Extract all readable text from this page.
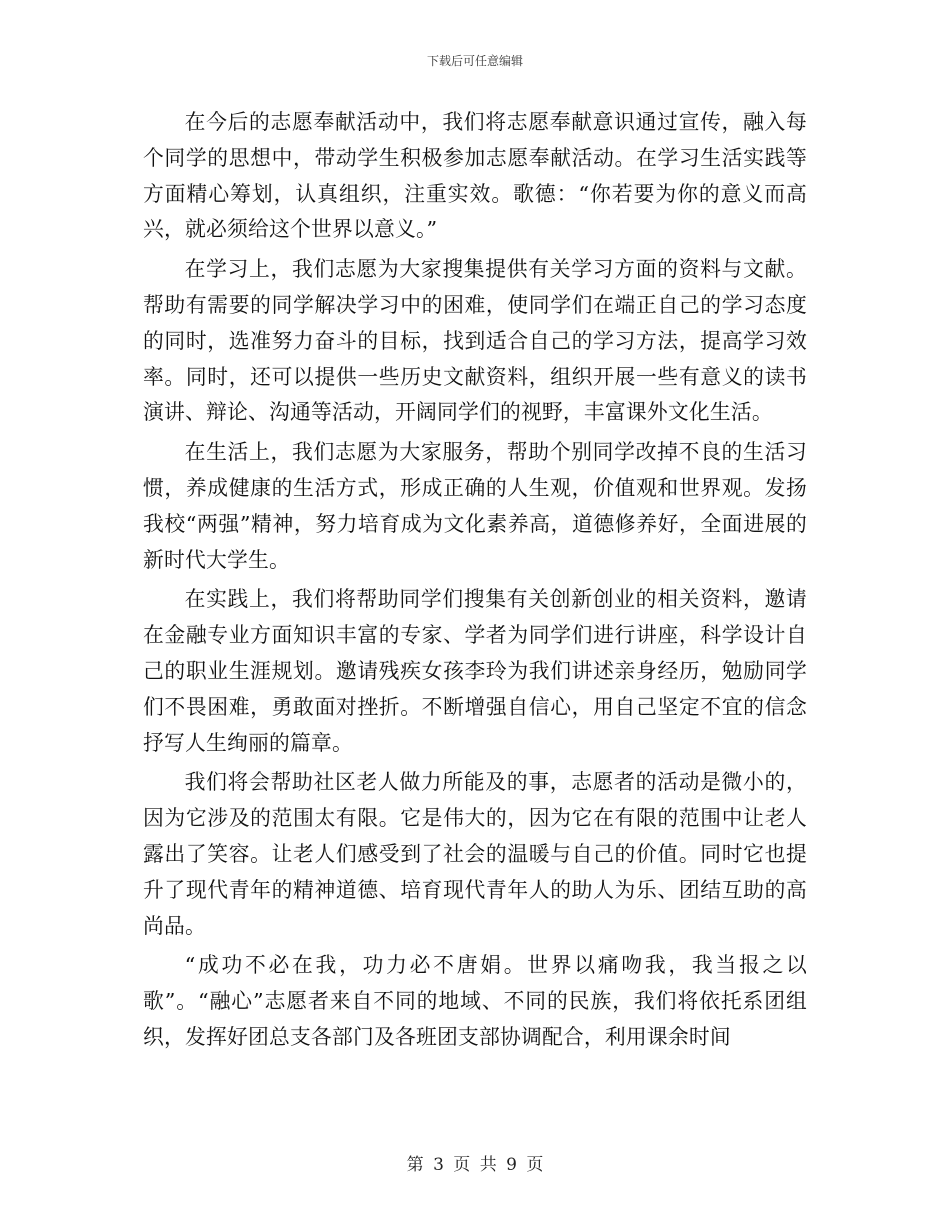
下载后可任意编辑

在今后的志愿奉献活动中，我们将志愿奉献意识通过宣传，融入每个同学的思想中，带动学生积极参加志愿奉献活动。在学习生活实践等方面精心筹划，认真组织，注重实效。歌德：“你若要为你的意义而高兴，就必须给这个世界以意义。”

在学习上，我们志愿为大家搜集提供有关学习方面的资料与文献。帮助有需要的同学解决学习中的困难，使同学们在端正自己的学习态度的同时，选准努力奋斗的目标，找到适合自己的学习方法，提高学习效率。同时，还可以提供一些历史文献资料，组织开展一些有意义的读书演讲、辩论、沟通等活动，开阔同学们的视野，丰富课外文化生活。

在生活上，我们志愿为大家服务，帮助个别同学改掉不良的生活习惯，养成健康的生活方式，形成正确的人生观，价值观和世界观。发扬我校“两强”精神，努力培育成为文化素养高，道德修养好，全面进展的新时代大学生。

在实践上，我们将帮助同学们搜集有关创新创业的相关资料，邀请在金融专业方面知识丰富的专家、学者为同学们进行讲座，科学设计自己的职业生涯规划。邀请残疾女孩李玲为我们讲述亲身经历，勉励同学们不畏困难，勇敢面对挫折。不断增强自信心，用自己坚定不宜的信念抒写人生绚丽的篇章。

我们将会帮助社区老人做力所能及的事，志愿者的活动是微小的，因为它涉及的范围太有限。它是伟大的，因为它在有限的范围中让老人露出了笑容。让老人们感受到了社会的温暖与自己的价值。同时它也提升了现代青年的精神道德、培育现代青年人的助人为乐、团结互助的高尚品。

“成功不必在我，功力必不唐娟。世界以痛吻我，我当报之以歌”。“融心”志愿者来自不同的地域、不同的民族，我们将依托系团组织，发挥好团总支各部门及各班团支部协调配合，利用课余时间

第 3 页 共 9 页
